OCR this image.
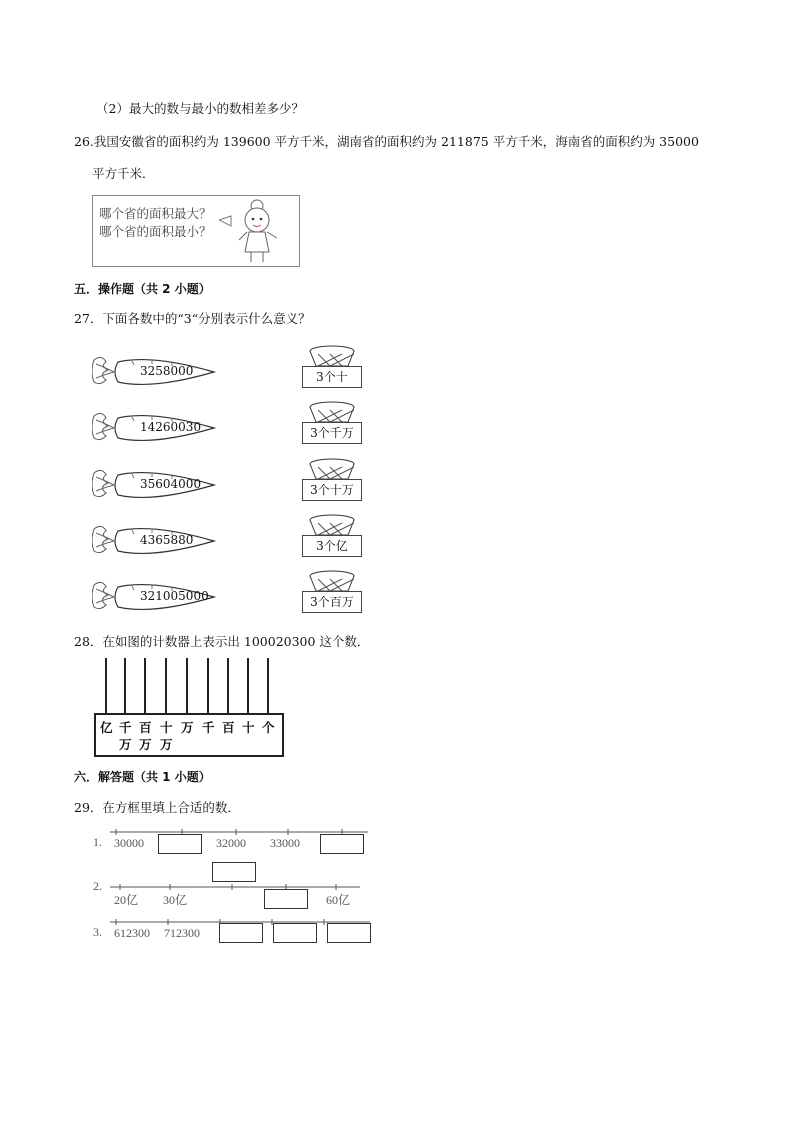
（2）最大的数与最小的数相差多少？
26.我国安徽省的面积约为 139600 平方千米，湖南省的面积约为 211875 平方千米，海南省的面积约为 35000
平方千米．
哪个省的面积最大？
哪个省的面积最小？
五．操作题（共 2 小题）
27．下面各数中的“3“分别表示什么意义？
3258000	3个十
14260030	3个千万
35604000	3个十万
4365880	3个亿
321005000	3个百万
28．在如图的计数器上表示出 100020300 这个数．
亿 千
万
百
万
十
万
万 千 百 十 个
六．解答题（共 1 小题）
29．在方框里填上合适的数．
1. 30000	32000 33000
2.
20亿 30亿	60亿
3. 612300 712300
